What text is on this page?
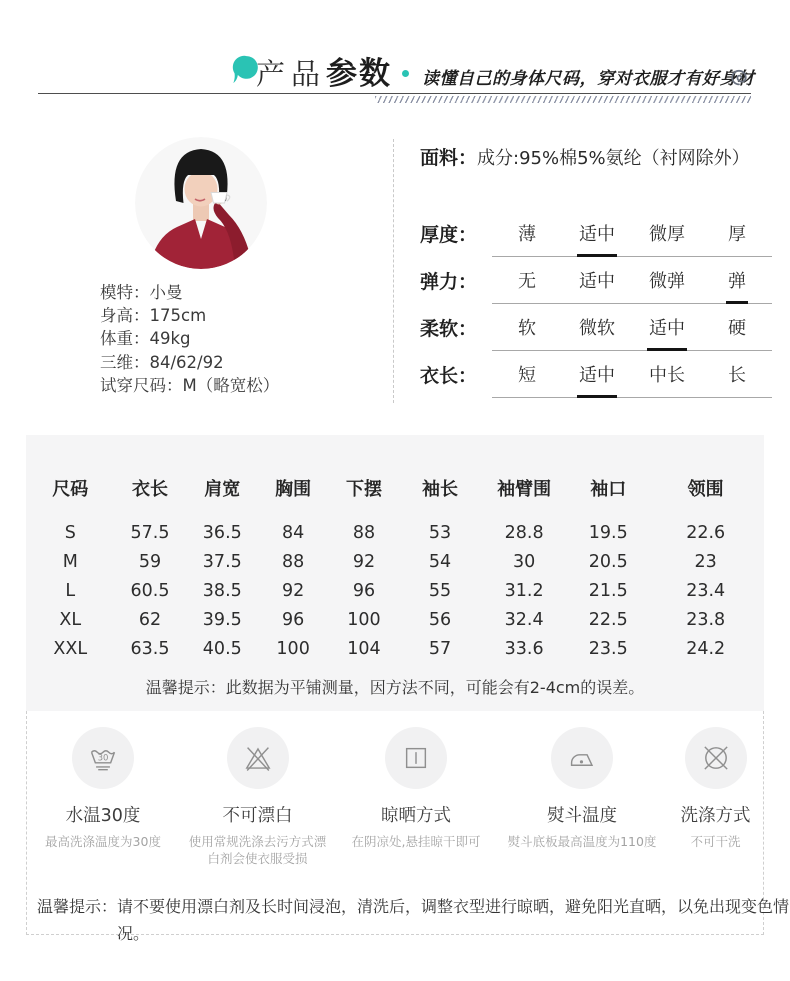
产品 参数 读懂自己的身体尺码，穿对衣服才有好身材
模特：小曼
身高：175cm
体重：49kg
三维：84/62/92
试穿尺码：M（略宽松）
面料：成分:95%棉5%氨纶（衬网除外）
厚度：	薄	适中	微厚	厚
弹力：	无	适中	微弹	弹
柔软：	软	微软	适中	硬
衣长：	短	适中	中长	长
尺码	衣长	肩宽	胸围	下摆	袖长	袖臂围	袖口	领围
S	57.5	36.5	84	88	53	28.8	19.5	22.6
M	59	37.5	88	92	54	30	20.5	23
L	60.5	38.5	92	96	55	31.2	21.5	23.4
XL	62	39.5	96	100	56	32.4	22.5	23.8
XXL	63.5	40.5	100	104	57	33.6	23.5	24.2
温馨提示：此数据为平铺测量，因方法不同，可能会有2-4cm的误差。
30
水温30度
最高洗涤温度为30度
不可漂白
使用常规洗涤去污方式漂白剂会使衣服受损
晾晒方式
在阴凉处,悬挂晾干即可
熨斗温度
熨斗底板最高温度为110度
洗涤方式
不可干洗

温馨提示：请不要使用漂白剂及长时间浸泡，清洗后，调整衣型进行晾晒，避免阳光直晒，以免出现变色情况。
